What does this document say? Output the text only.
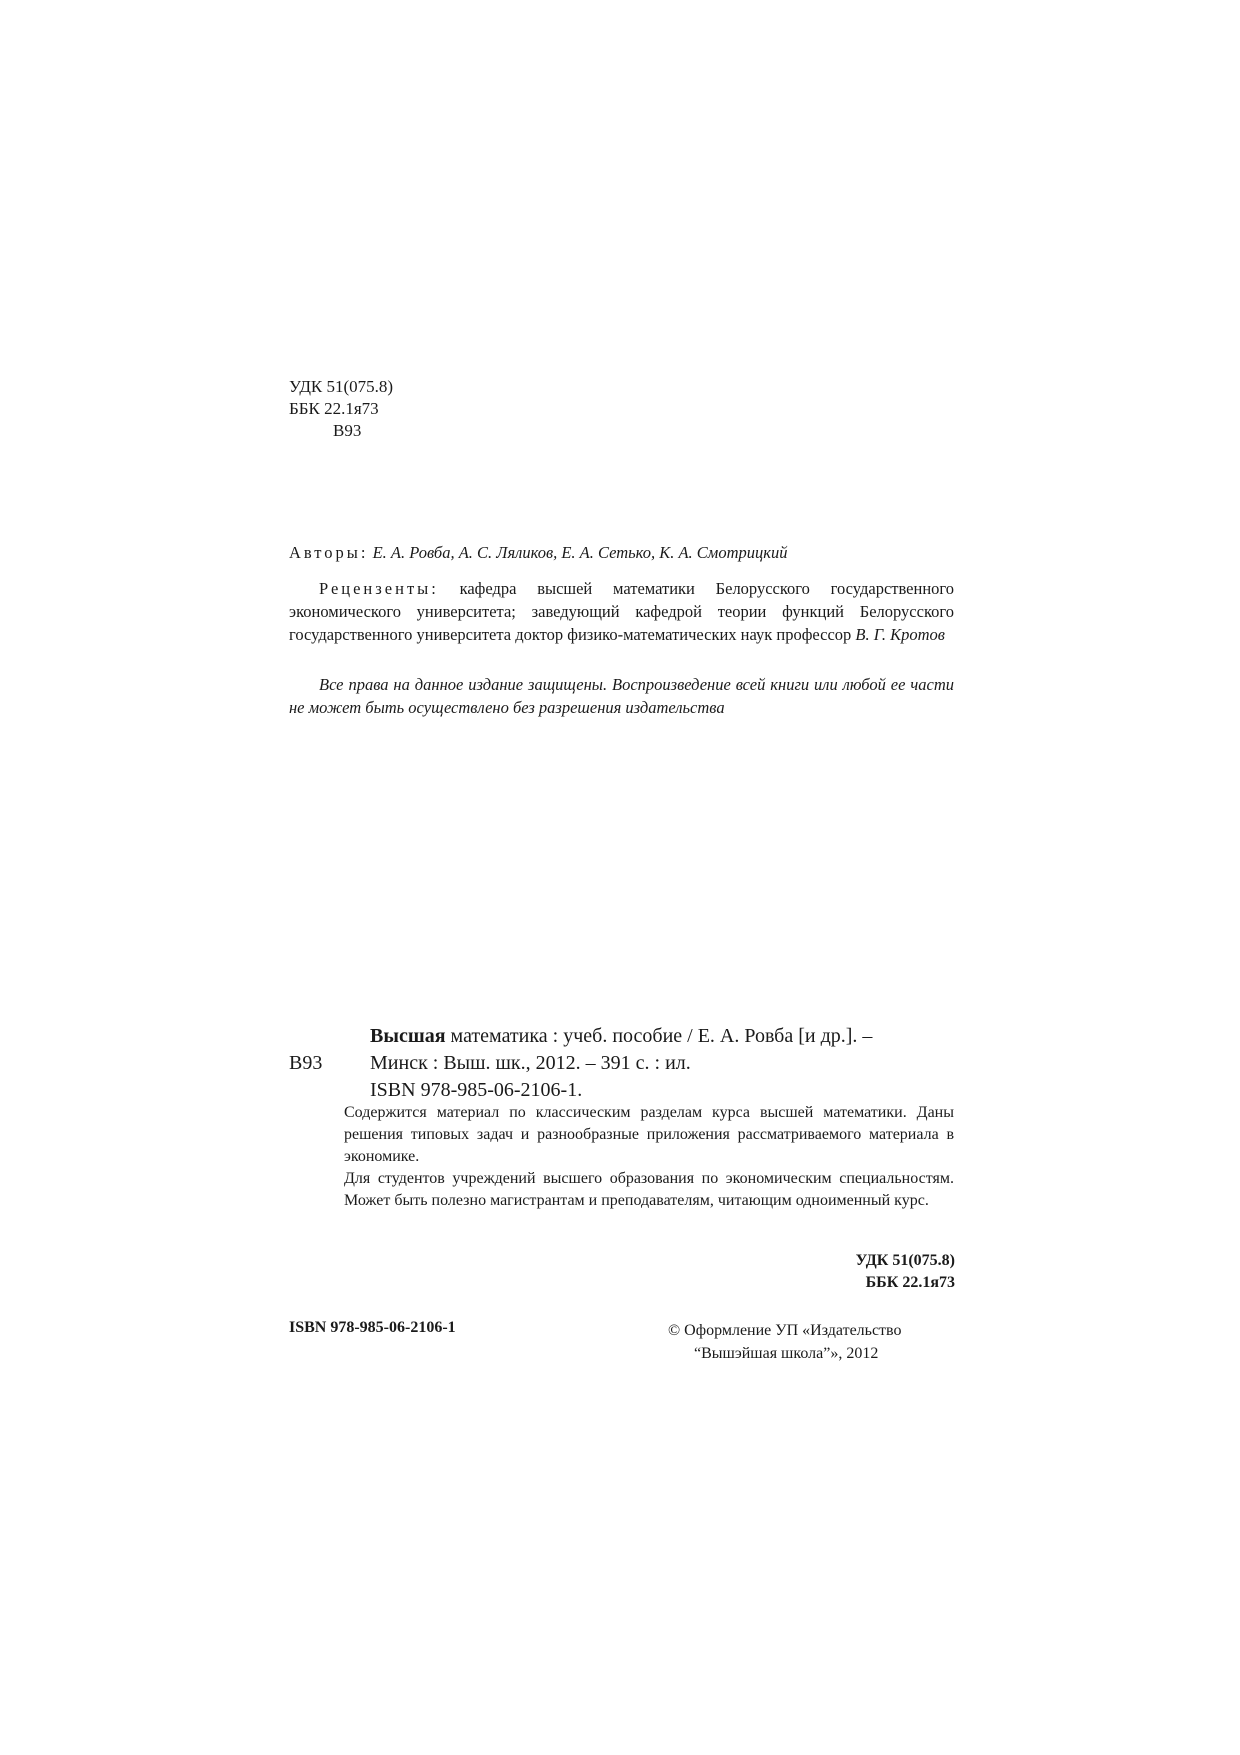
УДК 51(075.8)
ББК 22.1я73
В93
Авторы: Е. А. Ровба, А. С. Ляликов, Е. А. Сетько, К. А. Смотрицкий
Рецензенты: кафедра высшей математики Белорусского государственного экономического университета; заведующий кафедрой теории функций Белорусского государственного университета доктор физико-математических наук профессор В. Г. Кротов
Все права на данное издание защищены. Воспроизведение всей книги или любой ее части не может быть осуществлено без разрешения издательства
Высшая математика : учеб. пособие / Е. А. Ровба [и др.]. –
В93 Минск : Выш. шк., 2012. – 391 с. : ил.
ISBN 978-985-06-2106-1.

Содержится материал по классическим разделам курса высшей математики. Даны решения типовых задач и разнообразные приложения рассматриваемого материала в экономике.

Для студентов учреждений высшего образования по экономическим специальностям. Может быть полезно магистрантам и преподавателям, читающим одноименный курс.

УДК 51(075.8)
ББК 22.1я73
ISBN 978-985-06-2106-1	© Оформление УП «Издательство
“Вышэйшая школа”», 2012
